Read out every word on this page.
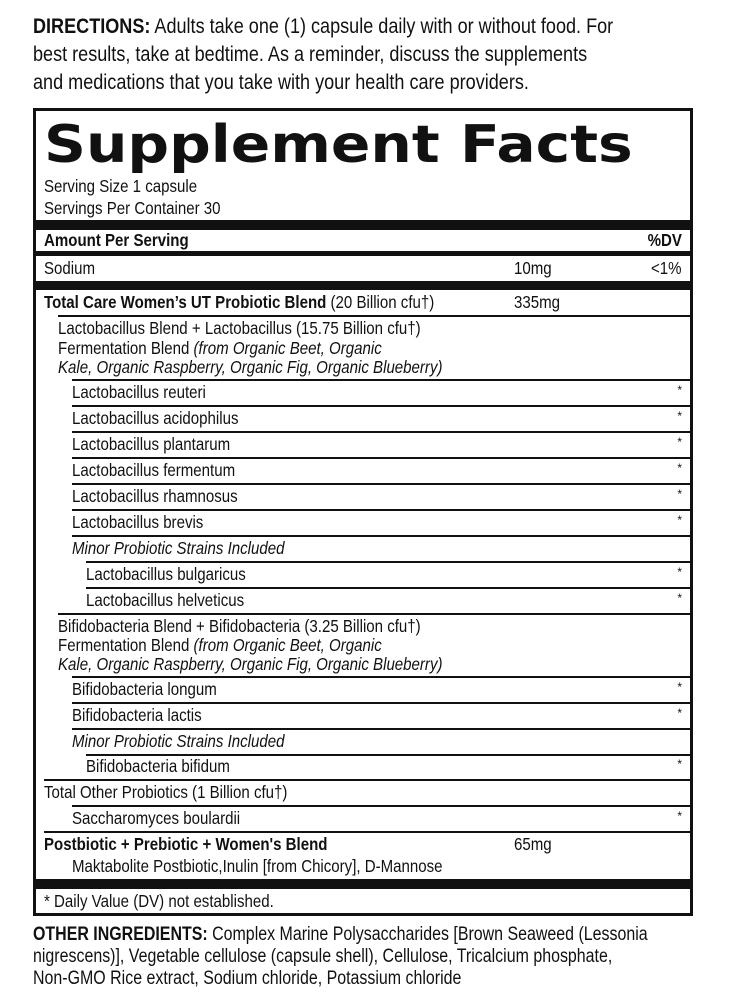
DIRECTIONS: Adults take one (1) capsule daily with or without food. For
best results, take at bedtime. As a reminder, discuss the supplements
and medications that you take with your health care providers.
Supplement Facts
Serving Size 1 capsule
Servings Per Container 30
Amount Per Serving	%DV
Sodium	10mg	<1%
Total Care Women’s UT Probiotic Blend (20 Billion cfu†)	335mg
Lactobacillus Blend + Lactobacillus (15.75 Billion cfu†)
Fermentation Blend (from Organic Beet, Organic
Kale, Organic Raspberry, Organic Fig, Organic Blueberry)
Lactobacillus reuteri	*
Lactobacillus acidophilus	*
Lactobacillus plantarum	*
Lactobacillus fermentum	*
Lactobacillus rhamnosus	*
Lactobacillus brevis	*
Minor Probiotic Strains Included
Lactobacillus bulgaricus	*
Lactobacillus helveticus	*
Bifidobacteria Blend + Bifidobacteria (3.25 Billion cfu†)
Fermentation Blend (from Organic Beet, Organic
Kale, Organic Raspberry, Organic Fig, Organic Blueberry)
Bifidobacteria longum	*
Bifidobacteria lactis	*
Minor Probiotic Strains Included
Bifidobacteria bifidum	*
Total Other Probiotics (1 Billion cfu†)
Saccharomyces boulardii	*
Postbiotic + Prebiotic + Women's Blend	65mg
Maktabolite Postbiotic,Inulin [from Chicory], D-Mannose
* Daily Value (DV) not established.
OTHER INGREDIENTS: Complex Marine Polysaccharides [Brown Seaweed (Lessonia
nigrescens)], Vegetable cellulose (capsule shell), Cellulose, Tricalcium phosphate,
Non-GMO Rice extract, Sodium chloride, Potassium chloride
